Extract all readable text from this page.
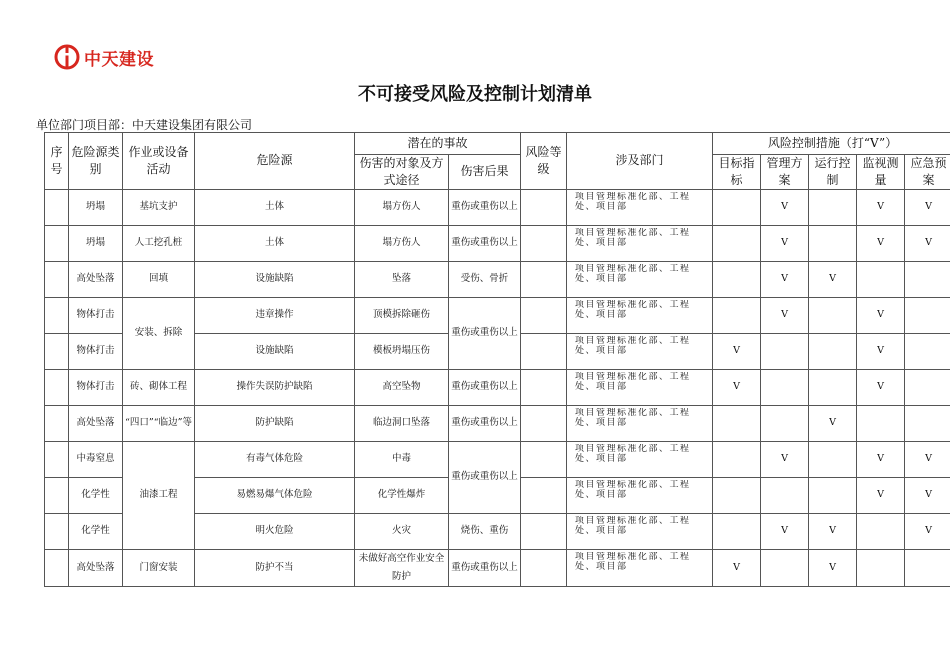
中天建设
不可接受风险及控制计划清单
单位部门项目部：中天建设集团有限公司
序号	危险源类别	作业或设备活动	危险源	潜在的事故		风险等级	涉及部门	风险控制措施（打“V”）				
				伤害的对象及方式途径	伤害后果			目标指标	管理方案	运行控制	监视测量	应急预案
	坍塌	基坑支护	土体	塌方伤人	重伤或重伤以上		项目管理标准化部、工程处、项目部		V		V	V
	坍塌	人工挖孔桩	土体	塌方伤人	重伤或重伤以上		项目管理标准化部、工程处、项目部		V		V	V
	高处坠落	回填	设施缺陷	坠落	受伤、骨折		项目管理标准化部、工程处、项目部		V	V		
	物体打击	安装、拆除	违章操作	顶模拆除砸伤	重伤或重伤以上		项目管理标准化部、工程处、项目部		V		V	
	物体打击		设施缺陷	模板坍塌压伤			项目管理标准化部、工程处、项目部	V			V	
	物体打击	砖、砌体工程	操作失误防护缺陷	高空坠物	重伤或重伤以上		项目管理标准化部、工程处、项目部	V			V	
	高处坠落	“四口”“临边”等	防护缺陷	临边洞口坠落	重伤或重伤以上		项目管理标准化部、工程处、项目部			V		
	中毒窒息	油漆工程	有毒气体危险	中毒	重伤或重伤以上		项目管理标准化部、工程处、项目部		V		V	V
	化学性		易燃易爆气体危险	化学性爆炸			项目管理标准化部、工程处、项目部				V	V
	化学性		明火危险	火灾	烧伤、重伤		项目管理标准化部、工程处、项目部		V	V		V
	高处坠落	门窗安装	防护不当	未做好高空作业安全防护	重伤或重伤以上		项目管理标准化部、工程处、项目部	V		V		
